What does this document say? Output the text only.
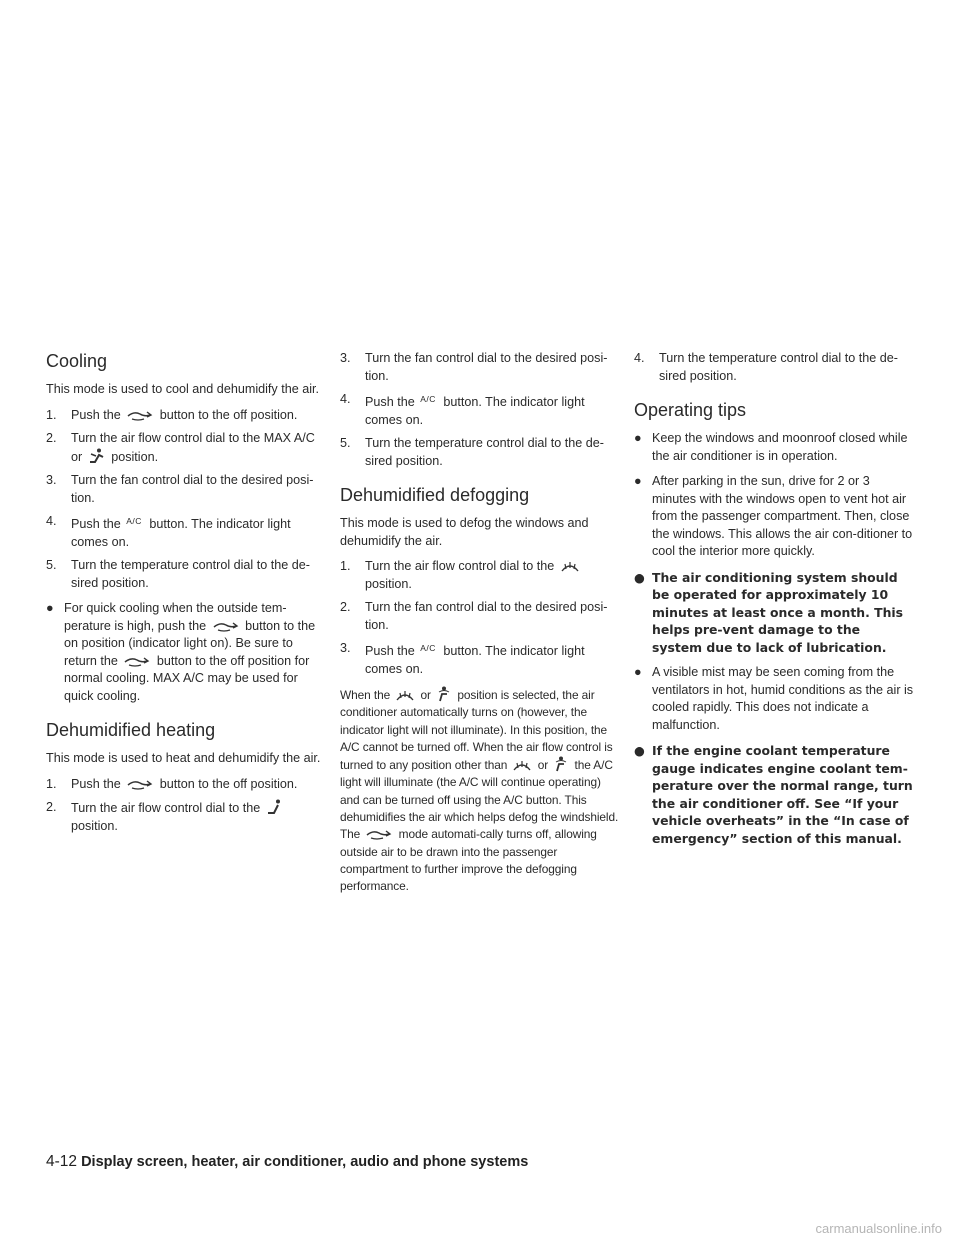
Cooling
This mode is used to cool and dehumidify the air.
1. Push the	button to the off position.
2. Turn the air flow control dial to the MAX A/C or position.
3. Turn the fan control dial to the desired posi-tion.
4. Push the A/C button. The indicator light comes on.
5. Turn the temperature control dial to the de-sired position.
● For quick cooling when the outside tem-perature is high, push the	button to the on position (indicator light on). Be sure to return the	button to the off position for normal cooling. MAX A/C may be used for quick cooling.
Dehumidified heating
This mode is used to heat and dehumidify the air.
1. Push the	button to the off position.
2. Turn the air flow control dial to the  position.
3. Turn the fan control dial to the desired posi-tion.
4. Push the A/C button. The indicator light comes on.
5. Turn the temperature control dial to the de-sired position.
Dehumidified defogging
This mode is used to defog the windows and dehumidify the air.
1. Turn the air flow control dial to the  position.
2. Turn the fan control dial to the desired posi-tion.
3. Push the A/C button. The indicator light comes on.
When the	or position is selected, the air conditioner automatically turns on (however, the indicator light will not illuminate). In this position, the A/C cannot be turned off. When the air flow control is turned to any position other than	or the A/C light will illuminate (the A/C will continue operating) and can be turned off using the A/C button. This dehumidifies the air which helps defog the windshield. The	mode automati-cally turns off, allowing outside air to be drawn into the passenger compartment to further improve the defogging performance.
4. Turn the temperature control dial to the de-sired position.
Operating tips
● Keep the windows and moonroof closed while the air conditioner is in operation.
● After parking in the sun, drive for 2 or 3 minutes with the windows open to vent hot air from the passenger compartment. Then, close the windows. This allows the air con-ditioner to cool the interior more quickly.
● The air conditioning system should be operated for approximately 10 minutes at least once a month. This helps pre-vent damage to the system due to lack of lubrication.
● A visible mist may be seen coming from the ventilators in hot, humid conditions as the air is cooled rapidly. This does not indicate a malfunction.
● If the engine coolant temperature gauge indicates engine coolant tem-perature over the normal range, turn the air conditioner off. See “If your vehicle overheats” in the “In case of emergency” section of this manual.
4-12 Display screen, heater, air conditioner, audio and phone systems
carmanualsonline.info
